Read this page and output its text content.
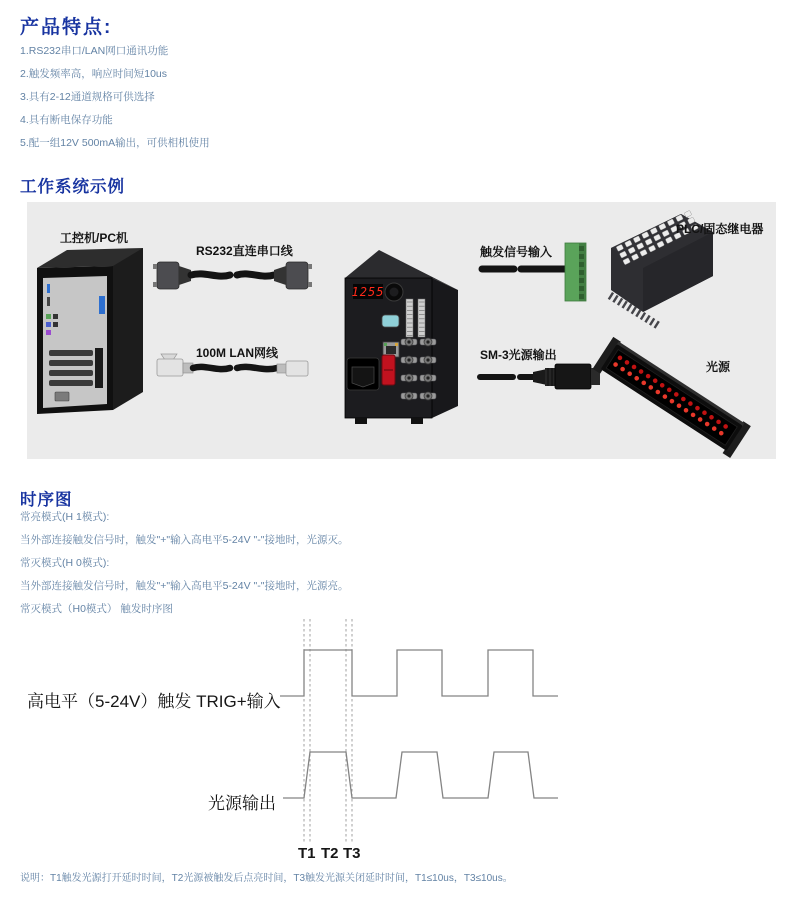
产品特点:
1.RS232串口/LAN网口通讯功能
2.触发频率高，响应时间短10us
3.具有2-12通道规格可供选择
4.具有断电保存功能
5.配一组12V 500mA输出，可供相机使用
工作系统示例
1255
工控机/PC机
RS232直连串口线
100M LAN网线
触发信号输入
PLC/固态继电器
SM-3光源输出
光源
时序图
常亮模式(H 1模式):
当外部连接触发信号时，触发"+"输入高电平5-24V "-"接地时，光源灭。
常灭模式(H 0模式):
当外部连接触发信号时，触发"+"输入高电平5-24V "-"接地时，光源亮。
常灭模式（H0模式） 触发时序图
高电平（5-24V）触发 TRIG+输入
光源输出
T1 T2 T3
说明：T1触发光源打开延时时间，T2光源被触发后点亮时间，T3触发光源关闭延时时间，T1≤10us，T3≤10us。
